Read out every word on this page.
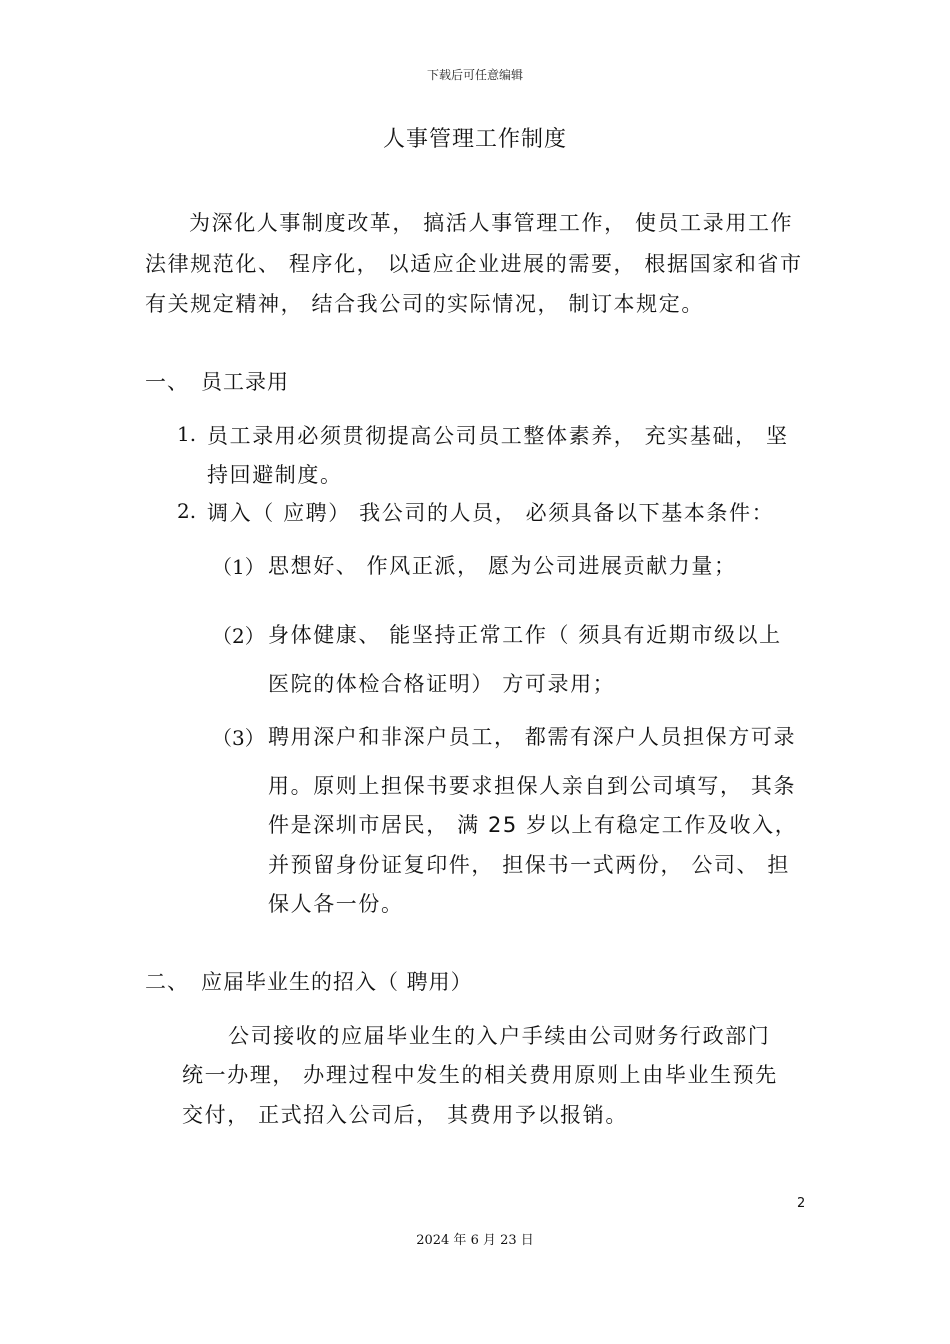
下载后可任意编辑
人事管理工作制度
为深化人事制度改革， 搞活人事管理工作， 使员工录用工作
法律规范化、 程序化， 以适应企业进展的需要， 根据国家和省市
有关规定精神， 结合我公司的实际情况， 制订本规定。
一、 员工录用
1. 员工录用必须贯彻提高公司员工整体素养， 充实基础， 坚
持回避制度。
2. 调入（ 应聘） 我公司的人员， 必须具备以下基本条件：
（1） 思想好、 作风正派， 愿为公司进展贡献力量；
（2） 身体健康、 能坚持正常工作（ 须具有近期市级以上
医院的体检合格证明） 方可录用；
（3） 聘用深户和非深户员工， 都需有深户人员担保方可录
用。原则上担保书要求担保人亲自到公司填写， 其条
件是深圳市居民， 满 25 岁以上有稳定工作及收入，
并预留身份证复印件， 担保书一式两份， 公司、 担
保人各一份。
二、 应届毕业生的招入（ 聘用）
公司接收的应届毕业生的入户手续由公司财务行政部门
统一办理， 办理过程中发生的相关费用原则上由毕业生预先
交付， 正式招入公司后， 其费用予以报销。
2
2024 年 6 月 23 日
